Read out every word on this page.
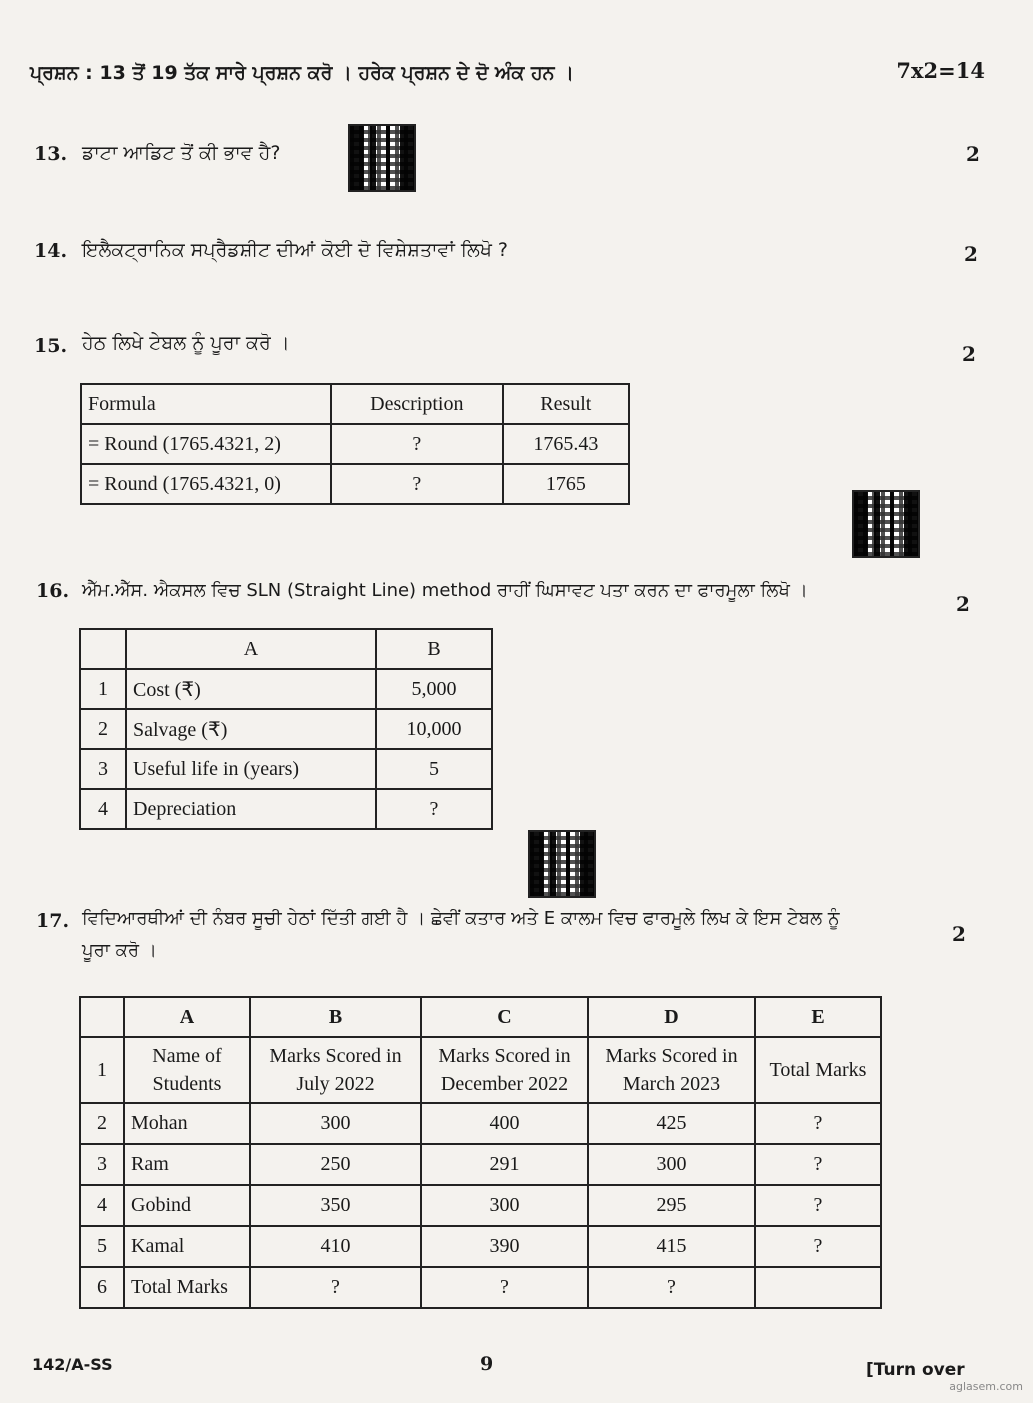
ਪ੍ਰਸ਼ਨ : 13 ਤੋਂ 19 ਤੱਕ ਸਾਰੇ ਪ੍ਰਸ਼ਨ ਕਰੋ । ਹਰੇਕ ਪ੍ਰਸ਼ਨ ਦੇ ਦੋ ਅੰਕ ਹਨ ।	7x2=14
13. ਡਾਟਾ ਆਡਿਟ ਤੋਂ ਕੀ ਭਾਵ ਹੈ?	2
14. ਇਲੈਕਟ੍ਰਾਨਿਕ ਸਪ੍ਰੈਡਸ਼ੀਟ ਦੀਆਂ ਕੋਈ ਦੋ ਵਿਸ਼ੇਸ਼ਤਾਵਾਂ ਲਿਖੋ ?	2
15. ਹੇਠ ਲਿਖੇ ਟੇਬਲ ਨੂੰ ਪੂਰਾ ਕਰੋ ।	2
Formula	Description	Result
= Round (1765.4321, 2)	?	1765.43
= Round (1765.4321, 0)	?	1765
16. ਐੱਮ.ਐੱਸ. ਐਕਸਲ ਵਿਚ SLN (Straight Line) method ਰਾਹੀਂ ਘਿਸਾਵਟ ਪਤਾ ਕਰਨ ਦਾ ਫਾਰਮੂਲਾ ਲਿਖੋ ।
2
	A	B
1	Cost (₹)	5,000
2	Salvage (₹)	10,000
3	Useful life in (years)	5
4	Depreciation	?
17. ਵਿਦਿਆਰਥੀਆਂ ਦੀ ਨੰਬਰ ਸੂਚੀ ਹੇਠਾਂ ਦਿੱਤੀ ਗਈ ਹੈ । ਛੇਵੀਂ ਕਤਾਰ ਅਤੇ E ਕਾਲਮ ਵਿਚ ਫਾਰਮੂਲੇ ਲਿਖ ਕੇ ਇਸ ਟੇਬਲ ਨੂੰ
ਪੂਰਾ ਕਰੋ ।
2
	A	B	C	D	E
1	Name of Students	Marks Scored in July 2022	Marks Scored in December 2022	Marks Scored in March 2023	Total Marks
2	Mohan	300	400	425	?
3	Ram	250	291	300	?
4	Gobind	350	300	295	?
5	Kamal	410	390	415	?
6	Total Marks	?	?	?	
142/A-SS	9	[Turn over
aglasem.com
